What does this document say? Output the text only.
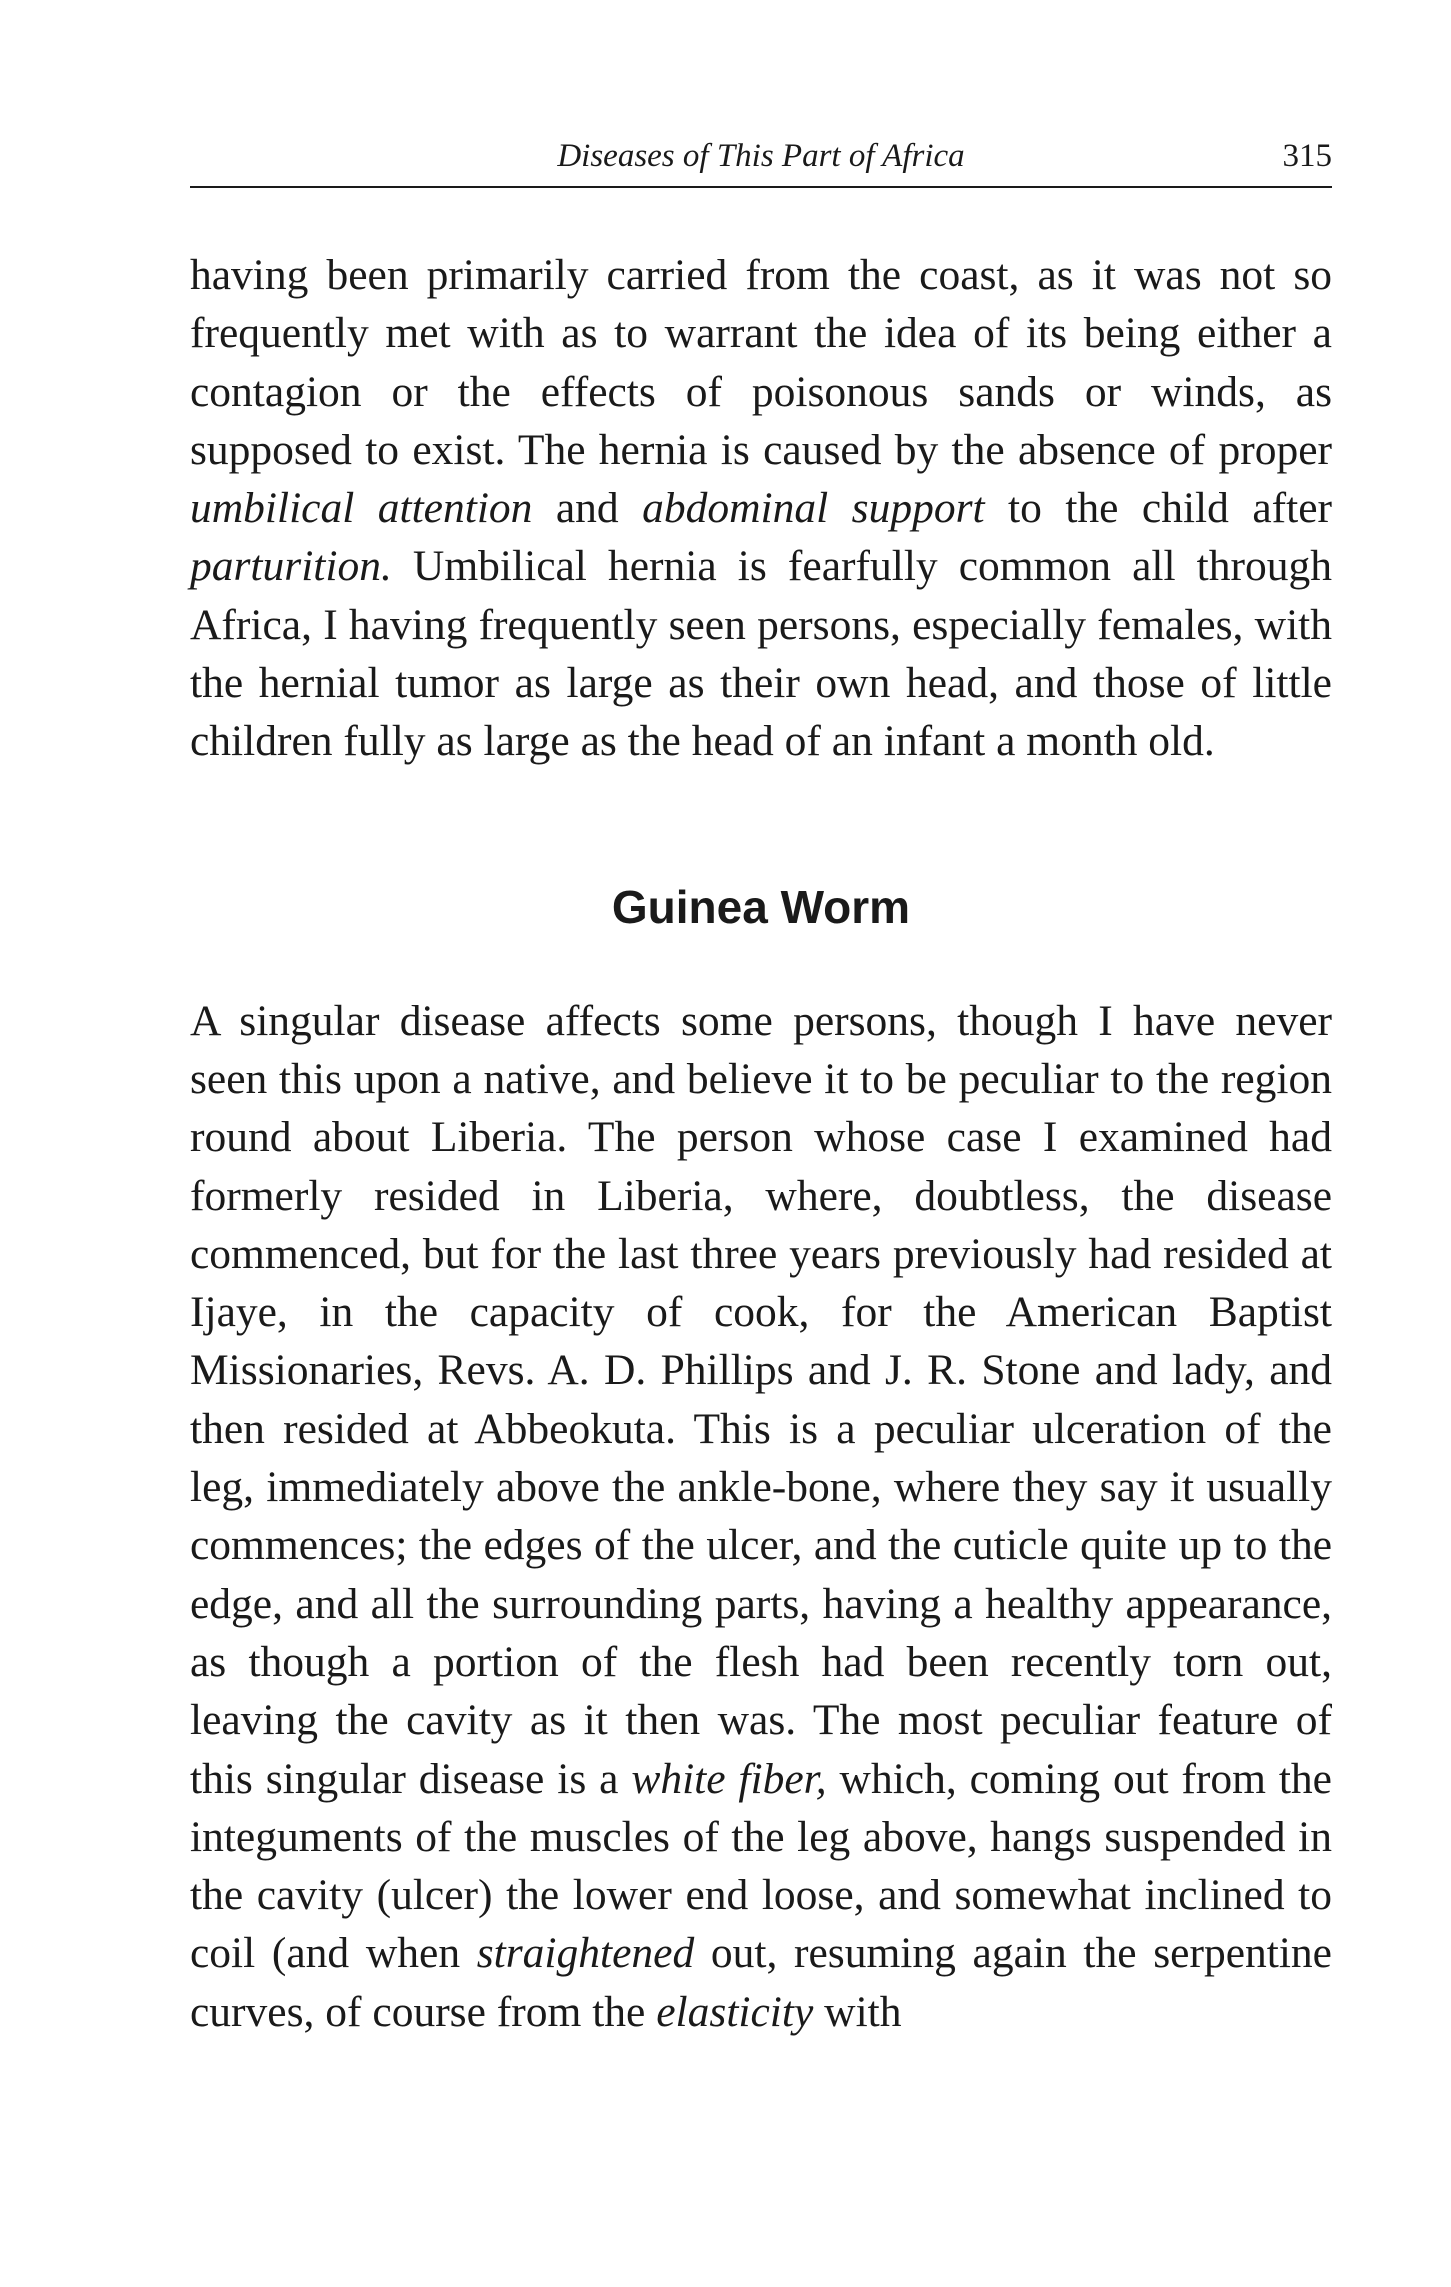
Diseases of This Part of Africa	315

having been primarily carried from the coast, as it was not so frequently met with as to warrant the idea of its being either a contagion or the effects of poisonous sands or winds, as supposed to exist. The hernia is caused by the absence of proper umbilical attention and abdominal support to the child after parturition. Umbilical hernia is fearfully common all through Africa, I having frequently seen persons, especially females, with the hernial tumor as large as their own head, and those of little children fully as large as the head of an infant a month old.

Guinea Worm

A singular disease affects some persons, though I have never seen this upon a native, and believe it to be peculiar to the region round about Liberia. The person whose case I examined had formerly resided in Liberia, where, doubtless, the disease commenced, but for the last three years previously had resided at Ijaye, in the capacity of cook, for the American Baptist Missionaries, Revs. A. D. Phillips and J. R. Stone and lady, and then resided at Abbeokuta. This is a peculiar ulceration of the leg, immediately above the ankle-bone, where they say it usually commences; the edges of the ulcer, and the cuticle quite up to the edge, and all the surrounding parts, having a healthy appearance, as though a portion of the flesh had been recently torn out, leaving the cavity as it then was. The most peculiar feature of this singular disease is a white fiber, which, coming out from the integuments of the muscles of the leg above, hangs suspended in the cavity (ulcer) the lower end loose, and somewhat inclined to coil (and when straightened out, resuming again the serpentine curves, of course from the elasticity with
